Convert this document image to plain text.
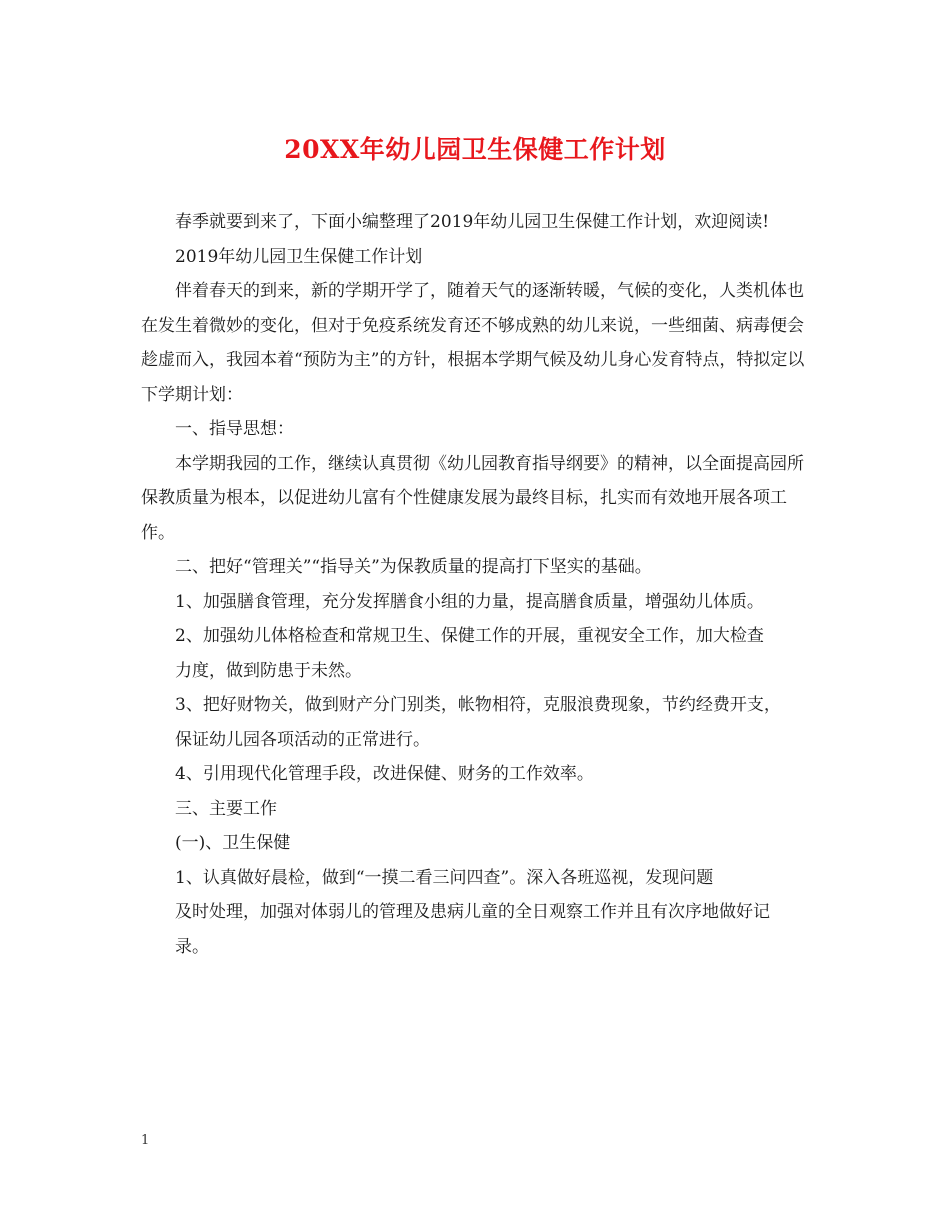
20XX年幼儿园卫生保健工作计划

春季就要到来了，下面小编整理了2019年幼儿园卫生保健工作计划，欢迎阅读!

2019年幼儿园卫生保健工作计划

伴着春天的到来，新的学期开学了，随着天气的逐渐转暖，气候的变化，人类机体也在发生着微妙的变化，但对于免疫系统发育还不够成熟的幼儿来说，一些细菌、病毒便会趁虚而入，我园本着“预防为主”的方针，根据本学期气候及幼儿身心发育特点，特拟定以下学期计划：

一、指导思想：

本学期我园的工作，继续认真贯彻《幼儿园教育指导纲要》的精神，以全面提高园所保教质量为根本，以促进幼儿富有个性健康发展为最终目标，扎实而有效地开展各项工作。

二、把好“管理关”“指导关”为保教质量的提高打下坚实的基础。

1、加强膳食管理，充分发挥膳食小组的力量，提高膳食质量，增强幼儿体质。

2、加强幼儿体格检查和常规卫生、保健工作的开展，重视安全工作，加大检查

力度，做到防患于未然。

3、把好财物关，做到财产分门别类，帐物相符，克服浪费现象，节约经费开支，

保证幼儿园各项活动的正常进行。

4、引用现代化管理手段，改进保健、财务的工作效率。

三、主要工作

(一)、卫生保健

1、认真做好晨检，做到“一摸二看三问四查”。深入各班巡视，发现问题

及时处理，加强对体弱儿的管理及患病儿童的全日观察工作并且有次序地做好记

录。

1
